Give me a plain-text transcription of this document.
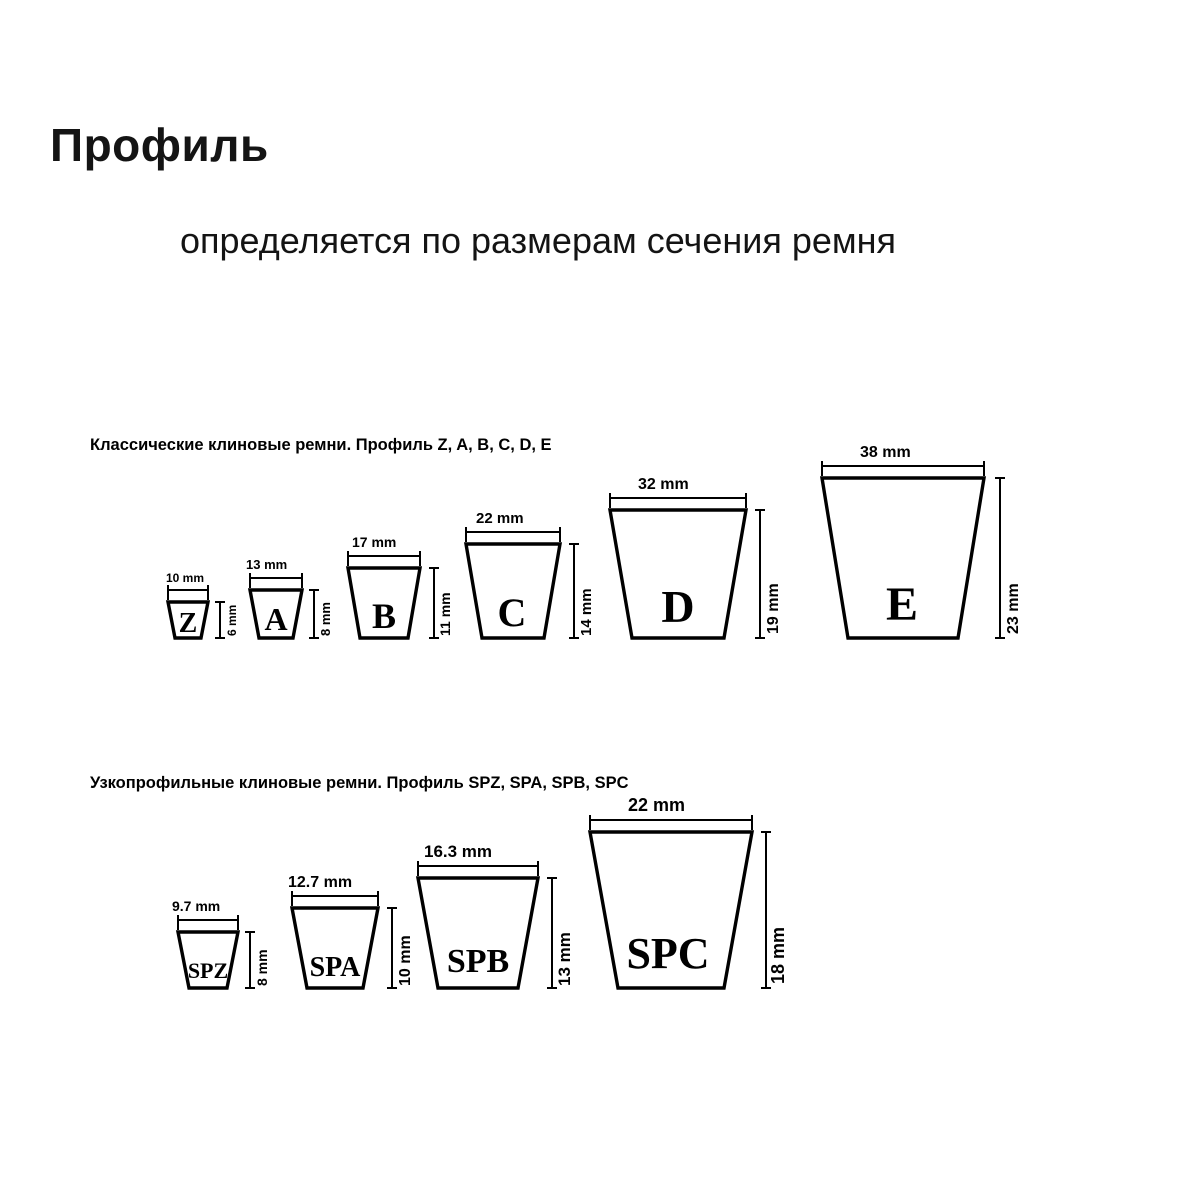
Профиль

определяется по размерам сечения ремня

Классические клиновые ремни. Профиль Z, A, B, C, D, E
10 mm
6 mm
Z
13 mm
8 mm
A
17 mm
11 mm
B
22 mm
14 mm
C
32 mm
19 mm
D
38 mm
23 mm
E
Узкопрофильные клиновые ремни. Профиль SPZ, SPA, SPB, SPC
9.7 mm
8 mm
SPZ
12.7 mm
10 mm
SPA
16.3 mm
13 mm
SPB
22 mm
18 mm
SPC
